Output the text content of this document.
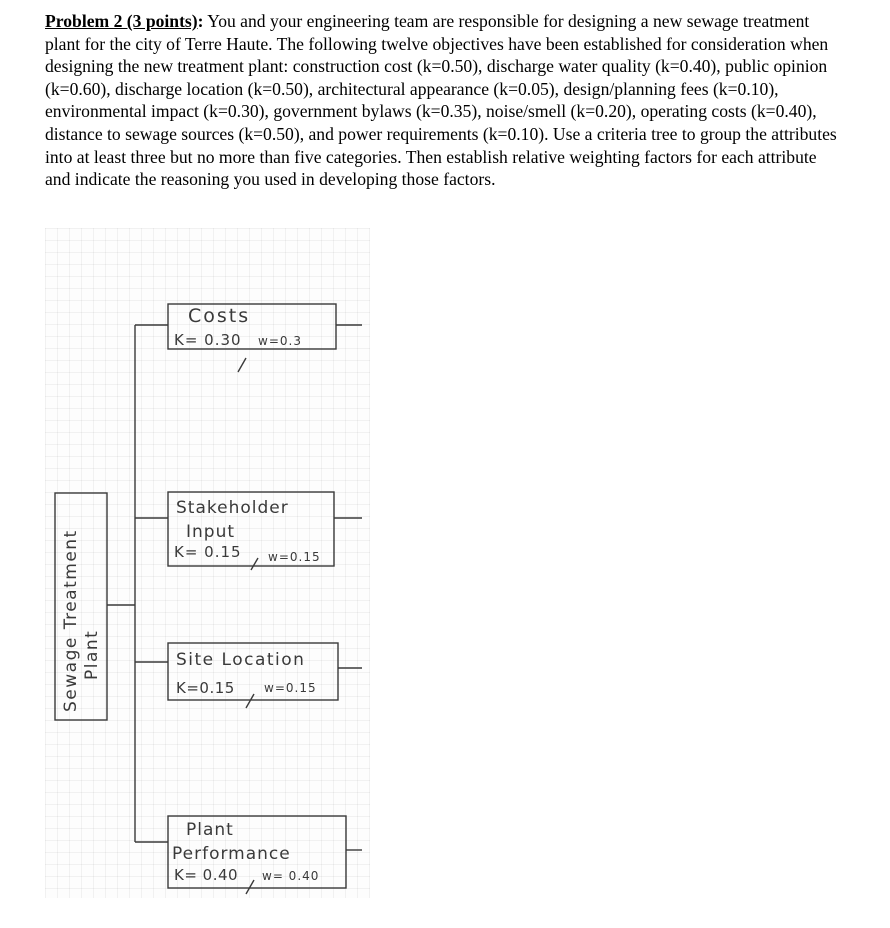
Problem 2 (3 points): You and your engineering team are responsible for designing a new sewage treatment plant for the city of Terre Haute. The following twelve objectives have been established for consideration when designing the new treatment plant: construction cost (k=0.50), discharge water quality (k=0.40), public opinion (k=0.60), discharge location (k=0.50), architectural appearance (k=0.05), design/planning fees (k=0.10), environmental impact (k=0.30), government bylaws (k=0.35), noise/smell (k=0.20), operating costs (k=0.40), distance to sewage sources (k=0.50), and power requirements (k=0.10). Use a criteria tree to group the attributes into at least three but no more than five categories. Then establish relative weighting factors for each attribute and indicate the reasoning you used in developing those factors.
Sewage Treatment Plant
Costs
K= 0.30 w=0.3
Stakeholder
Input
K= 0.15 w=0.15
Site Location
K=0.15 w=0.15
Plant
Performance
K= 0.40 w= 0.40
